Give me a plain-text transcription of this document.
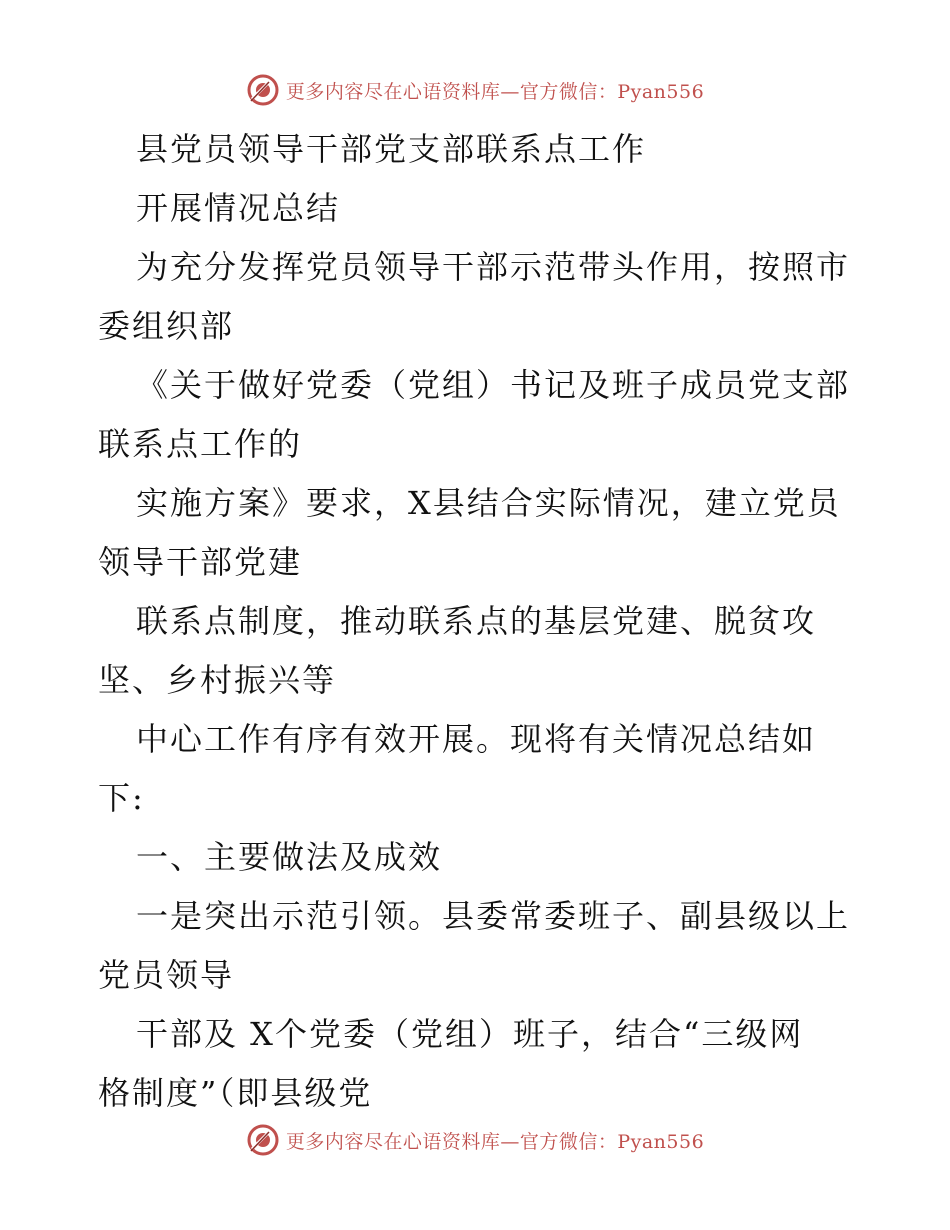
更多内容尽在心语资料库—官方微信：Pyan556
县党员领导干部党支部联系点工作
开展情况总结
为充分发挥党员领导干部示范带头作用，按照市
委组织部
《关于做好党委（党组）书记及班子成员党支部
联系点工作的
实施方案》要求，X县结合实际情况，建立党员
领导干部党建
联系点制度，推动联系点的基层党建、脱贫攻
坚、乡村振兴等
中心工作有序有效开展。现将有关情况总结如
下:
一、主要做法及成效
一是突出示范引领。县委常委班子、副县级以上
党员领导
干部及 X个党委（党组）班子，结合“三级网
格制度”（即县级党
更多内容尽在心语资料库—官方微信：Pyan556
